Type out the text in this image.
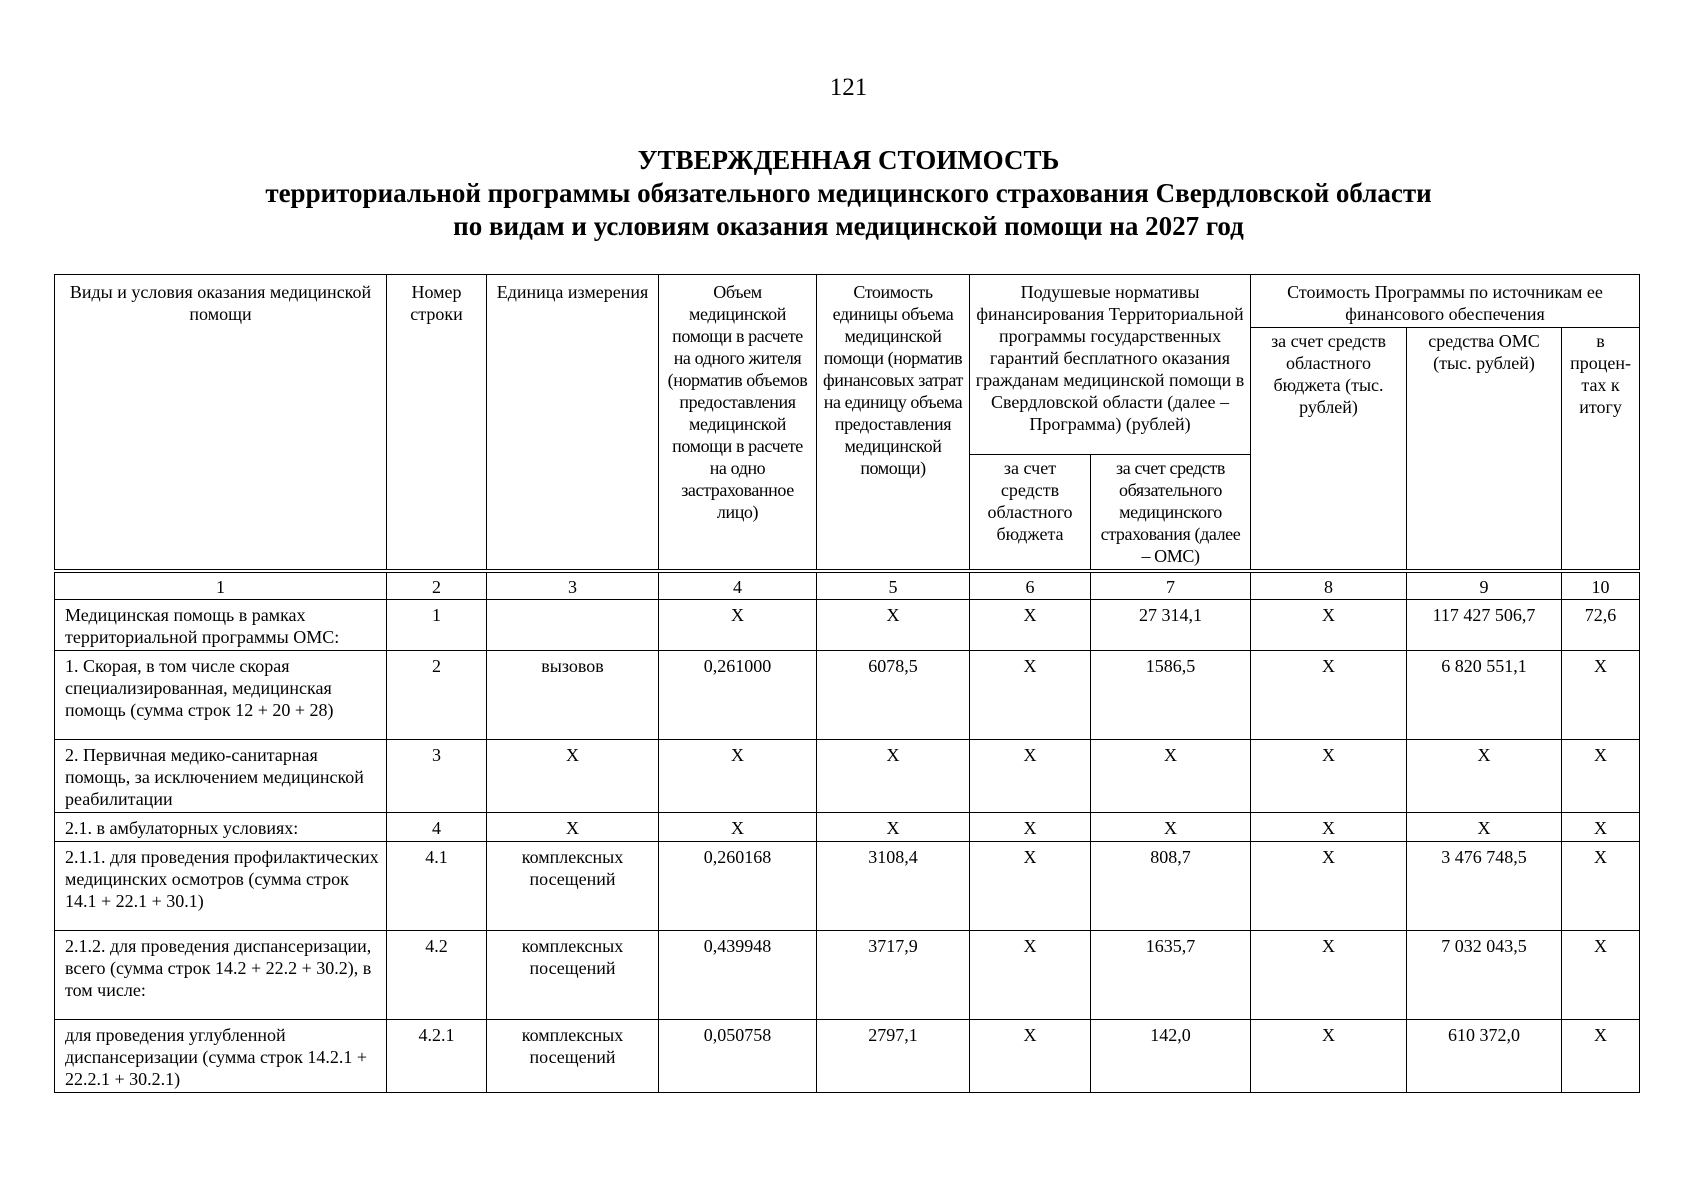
121
УТВЕРЖДЕННАЯ СТОИМОСТЬ
территориальной программы обязательного медицинского страхования Свердловской области
по видам и условиям оказания медицинской помощи на 2027 год
Виды и условия оказания медицинской помощи	Номер строки	Единица измерения	Объем медицинской помощи в расчете на одного жителя (норматив объемов предоставления медицинской помощи в расчете на одно застрахованное лицо)	Стоимость единицы объема медицинской помощи (норматив финансовых затрат на единицу объема предоставления медицинской помощи)	Подушевые нормативы финансирования Территориальной программы государственных гарантий бесплатного оказания гражданам медицинской помощи в Свердловской области (далее – Программа) (рублей)		Стоимость Программы по источникам ее финансового обеспечения		
							за счет средств областного бюджета (тыс. рублей)	средства ОМС (тыс. рублей)	в процен-тах к итогу
					за счет средств областного бюджета	за счет средств обязательного медицинского страхования (далее – ОМС)			
1	2	3	4	5	6	7	8	9	10
Медицинская помощь в рамках территориальной программы ОМС:	1		Х	Х	Х	27 314,1	Х	117 427 506,7	72,6
1. Скорая, в том числе скорая специализированная, медицинская помощь (сумма строк 12 + 20 + 28)	2	вызовов	0,261000	6078,5	Х	1586,5	Х	6 820 551,1	Х
2. Первичная медико-санитарная помощь, за исключением медицинской реабилитации	3	Х	Х	Х	Х	Х	Х	Х	Х
2.1. в амбулаторных условиях:	4	Х	Х	Х	Х	Х	Х	Х	Х
2.1.1. для проведения профилактических медицинских осмотров (сумма строк 14.1 + 22.1 + 30.1)	4.1	комплексных посещений	0,260168	3108,4	Х	808,7	Х	3 476 748,5	Х
2.1.2. для проведения диспансеризации, всего (сумма строк 14.2 + 22.2 + 30.2), в том числе:	4.2	комплексных посещений	0,439948	3717,9	Х	1635,7	Х	7 032 043,5	Х
для проведения углубленной диспансеризации (сумма строк 14.2.1 + 22.2.1 + 30.2.1)	4.2.1	комплексных посещений	0,050758	2797,1	Х	142,0	Х	610 372,0	Х
